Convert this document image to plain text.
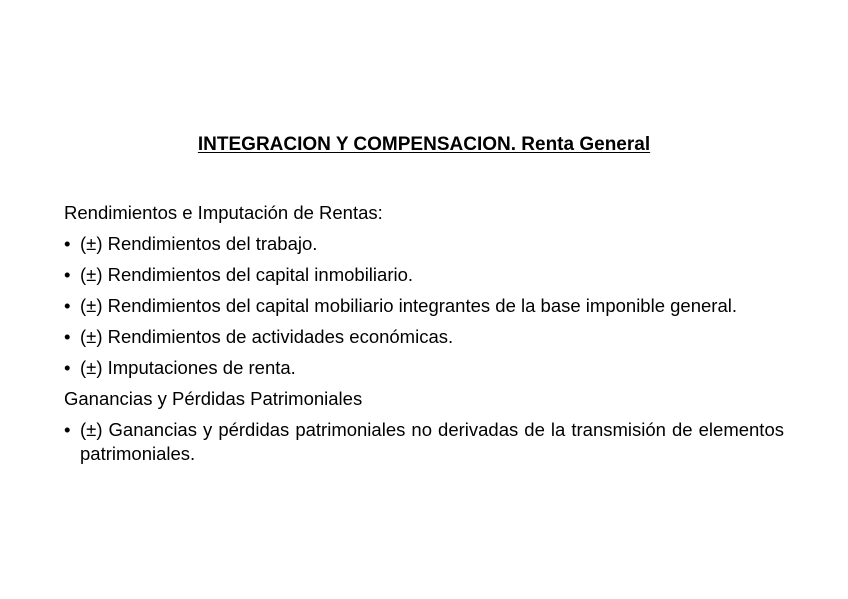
INTEGRACION Y COMPENSACION. Renta General
Rendimientos e Imputación de Rentas:
• (±) Rendimientos del trabajo.
• (±) Rendimientos del capital inmobiliario.
• (±) Rendimientos del capital mobiliario integrantes de la base imponible general.
• (±) Rendimientos de actividades económicas.
• (±) Imputaciones de renta.
Ganancias y Pérdidas Patrimoniales
• (±) Ganancias y pérdidas patrimoniales no derivadas de la transmisión de elementos patrimoniales.
